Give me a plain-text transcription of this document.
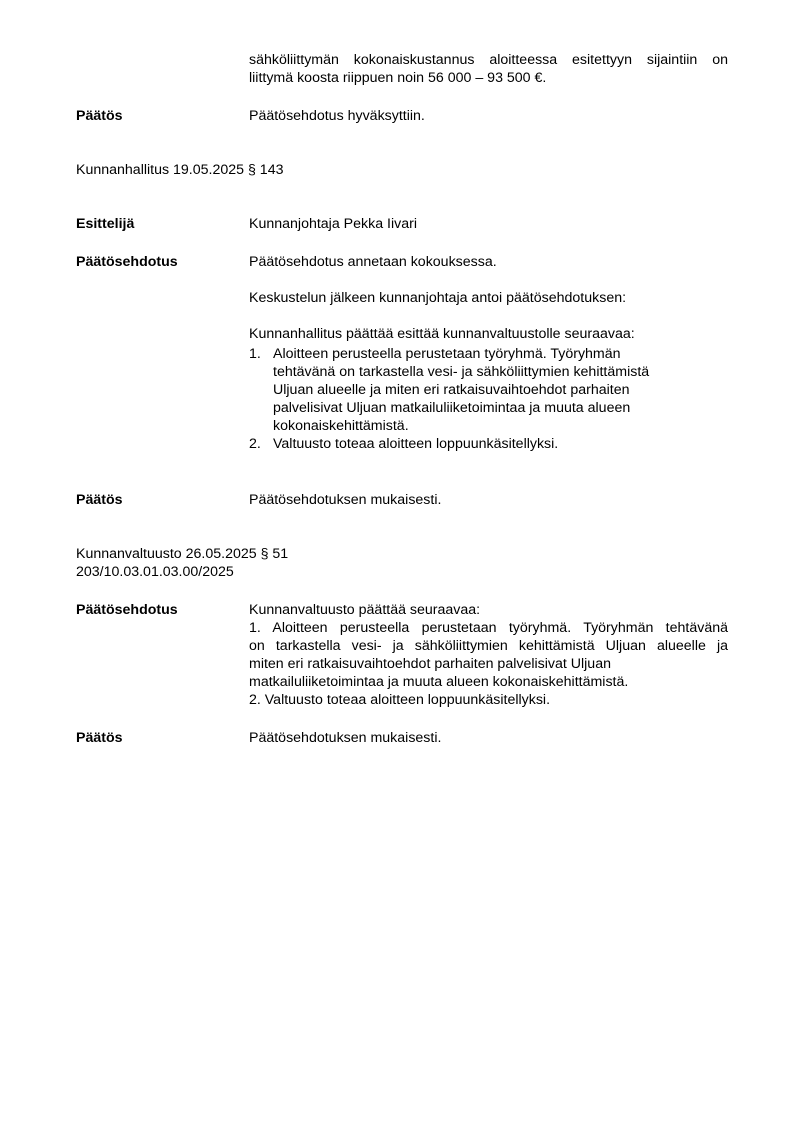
sähköliittymän kokonaiskustannus aloitteessa esitettyyn sijaintiin on
liittymä koosta riippuen noin 56 000 – 93 500 €.
Päätös	Päätösehdotus hyväksyttiin.
Kunnanhallitus 19.05.2025 § 143
Esittelijä	Kunnanjohtaja Pekka Iivari
Päätösehdotus	Päätösehdotus annetaan kokouksessa.
Keskustelun jälkeen kunnanjohtaja antoi päätösehdotuksen:
Kunnanhallitus päättää esittää kunnanvaltuustolle seuraavaa:
1. Aloitteen perusteella perustetaan työryhmä. Työryhmän
tehtävänä on tarkastella vesi- ja sähköliittymien kehittämistä
Uljuan alueelle ja miten eri ratkaisuvaihtoehdot parhaiten
palvelisivat Uljuan matkailuliiketoimintaa ja muuta alueen
kokonaiskehittämistä.
2. Valtuusto toteaa aloitteen loppuunkäsitellyksi.
Päätös	Päätösehdotuksen mukaisesti.
Kunnanvaltuusto 26.05.2025 § 51
203/10.03.01.03.00/2025
Päätösehdotus	Kunnanvaltuusto päättää seuraavaa:
1. Aloitteen perusteella perustetaan työryhmä. Työryhmän tehtävänä
on tarkastella vesi- ja sähköliittymien kehittämistä Uljuan alueelle ja
miten eri ratkaisuvaihtoehdot parhaiten palvelisivat Uljuan
matkailuliiketoimintaa ja muuta alueen kokonaiskehittämistä.
2. Valtuusto toteaa aloitteen loppuunkäsitellyksi.
Päätös	Päätösehdotuksen mukaisesti.
